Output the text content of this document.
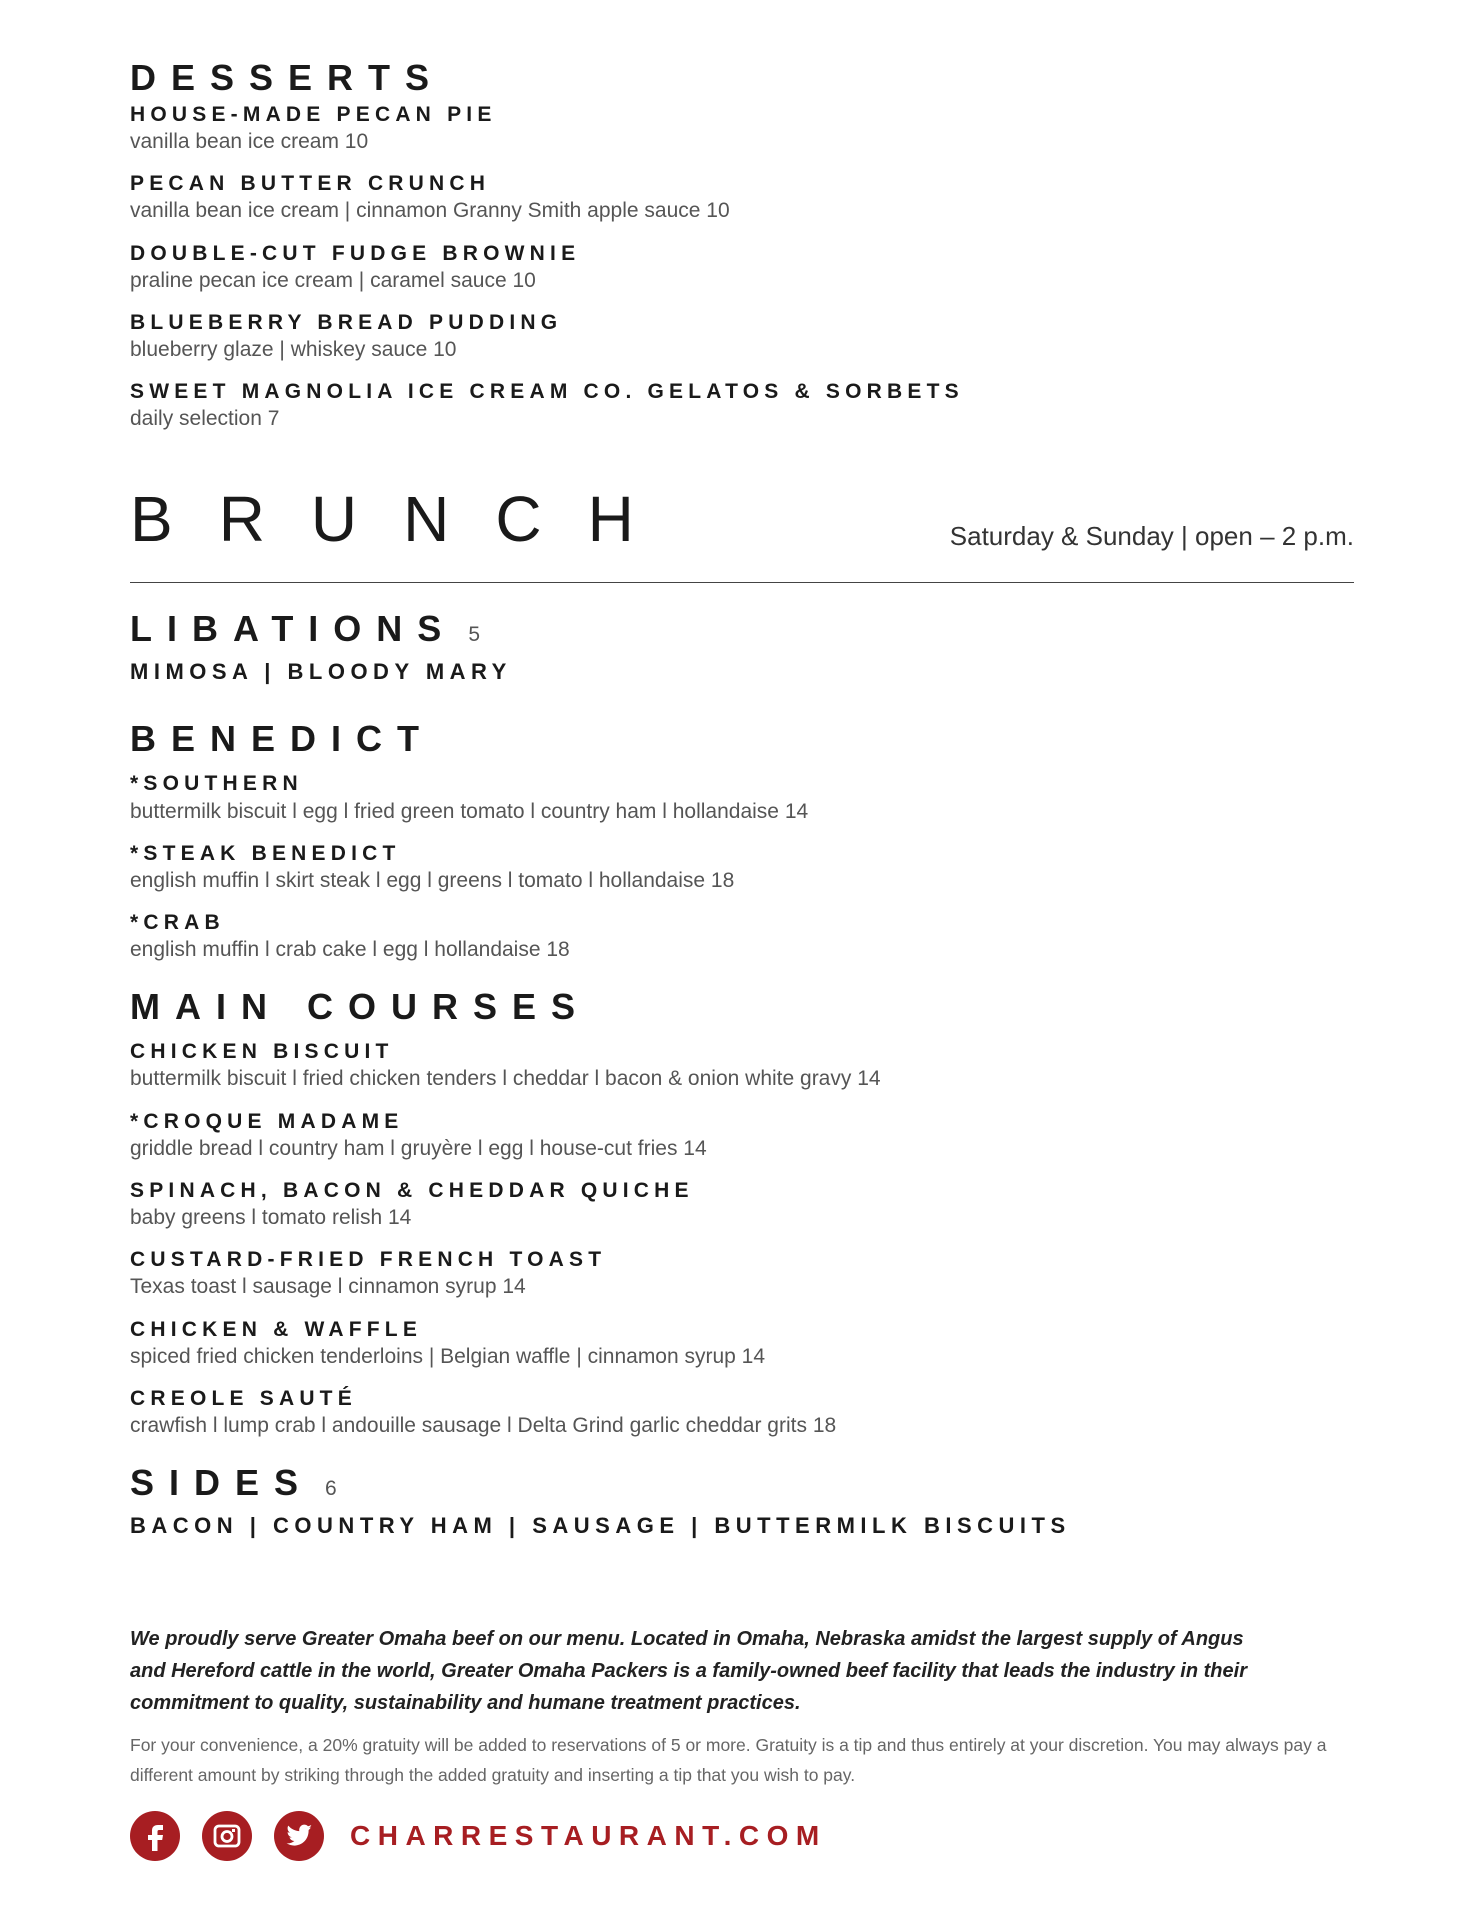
DESSERTS
HOUSE-MADE PECAN PIE
vanilla bean ice cream 10
PECAN BUTTER CRUNCH
vanilla bean ice cream | cinnamon Granny Smith apple sauce 10
DOUBLE-CUT FUDGE BROWNIE
praline pecan ice cream | caramel sauce 10
BLUEBERRY BREAD PUDDING
blueberry glaze | whiskey sauce 10
SWEET MAGNOLIA ICE CREAM CO. GELATOS & SORBETS
daily selection 7
BRUNCH	Saturday & Sunday | open – 2 p.m.
LIBATIONS 5
MIMOSA | BLOODY MARY
BENEDICT
*SOUTHERN
buttermilk biscuit l egg l fried green tomato l country ham l hollandaise 14
*STEAK BENEDICT
english muffin l skirt steak l egg l greens l tomato l hollandaise 18
*CRAB
english muffin l crab cake l egg l hollandaise 18
MAIN COURSES
CHICKEN BISCUIT
buttermilk biscuit l fried chicken tenders l cheddar l bacon & onion white gravy 14
*CROQUE MADAME
griddle bread l country ham l gruyère l egg l house-cut fries 14
SPINACH, BACON & CHEDDAR QUICHE
baby greens l tomato relish 14
CUSTARD-FRIED FRENCH TOAST
Texas toast l sausage l cinnamon syrup 14
CHICKEN & WAFFLE
spiced fried chicken tenderloins | Belgian waffle | cinnamon syrup 14
CREOLE SAUTÉ
crawfish l lump crab l andouille sausage l Delta Grind garlic cheddar grits 18
SIDES 6
BACON | COUNTRY HAM | SAUSAGE | BUTTERMILK BISCUITS
We proudly serve Greater Omaha beef on our menu. Located in Omaha, Nebraska amidst the largest supply of Angus and Hereford cattle in the world, Greater Omaha Packers is a family-owned beef facility that leads the industry in their commitment to quality, sustainability and humane treatment practices.
For your convenience, a 20% gratuity will be added to reservations of 5 or more. Gratuity is a tip and thus entirely at your discretion. You may always pay a different amount by striking through the added gratuity and inserting a tip that you wish to pay.
CHARRESTAURANT.COM
